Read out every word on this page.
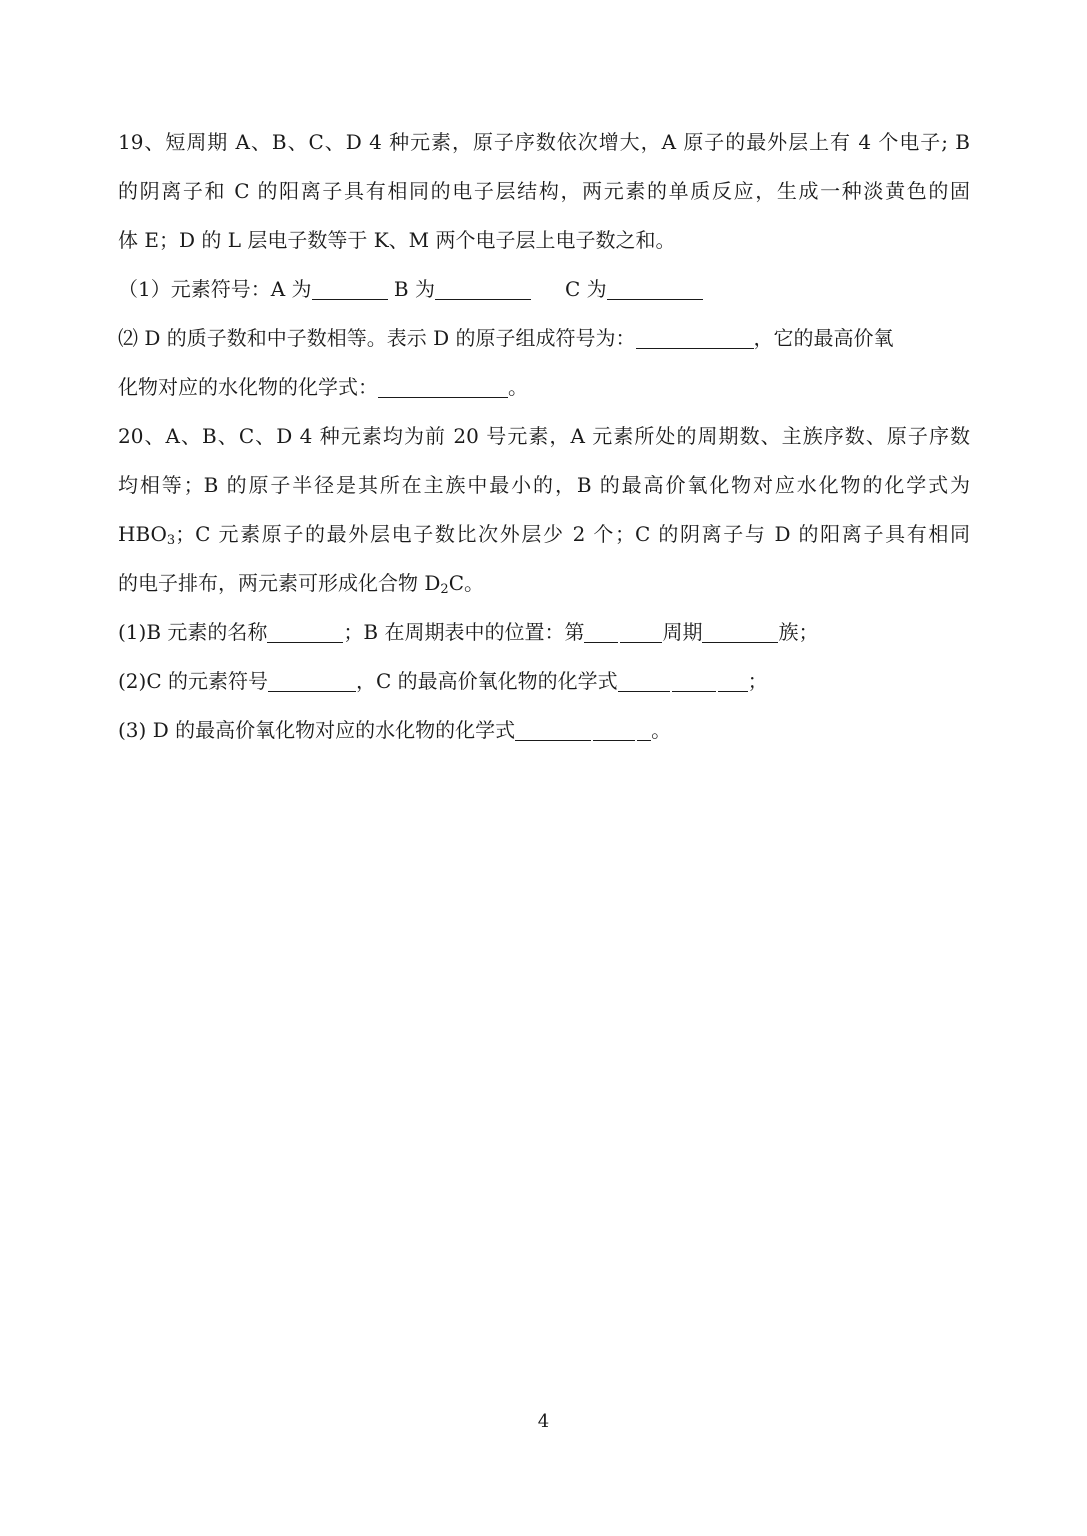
19、短周期 A、B、C、D 4 种元素，原子序数依次增大，A 原子的最外层上有 4 个电子; B
的阴离子和 C 的阳离子具有相同的电子层结构，两元素的单质反应，生成一种淡黄色的固
体 E；D 的 L 层电子数等于 K、M 两个电子层上电子数之和。
（1）元素符号：A 为	B 为	C 为
⑵ D 的质子数和中子数相等。表示 D 的原子组成符号为：	，它的最高价氧
化物对应的水化物的化学式：	。
20、A、B、C、D 4 种元素均为前 20 号元素，A 元素所处的周期数、主族序数、原子序数
均相等；B 的原子半径是其所在主族中最小的，B 的最高价氧化物对应水化物的化学式为
$HBO_3$；C 元素原子的最外层电子数比次外层少 2 个；C 的阴离子与 D 的阳离子具有相同
的电子排布，两元素可形成化合物 $D_2C$。
(1)B 元素的名称	；B 在周期表中的位置：第	周期	族；
(2)C 的元素符号	，C 的最高价氧化物的化学式	；
(3) D 的最高价氧化物对应的水化物的化学式	。
4
